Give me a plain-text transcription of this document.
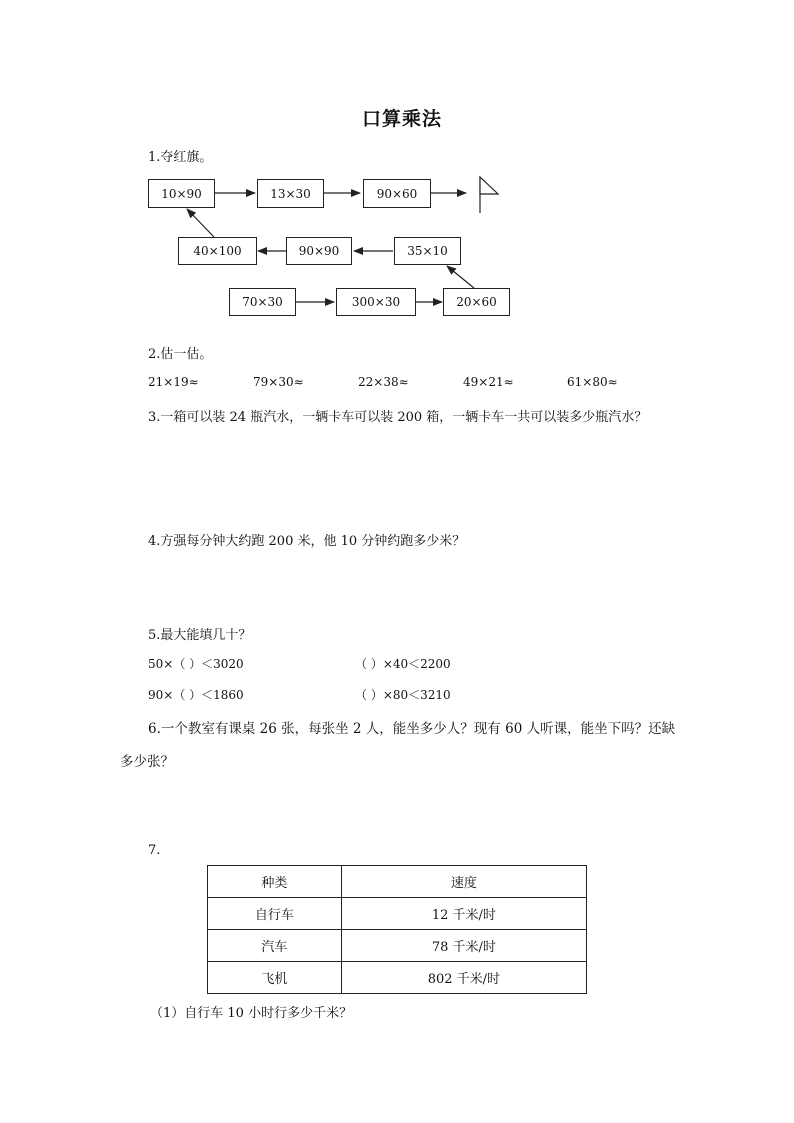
口算乘法
1.夺红旗。
10×90	13×30	90×60
40×100	90×90	35×10
70×30	300×30	20×60
2.估一估。
21×19≈	79×30≈	22×38≈	49×21≈	61×80≈
3.一箱可以装 24 瓶汽水，一辆卡车可以装 200 箱，一辆卡车一共可以装多少瓶汽水？
4.方强每分钟大约跑 200 米，他 10 分钟约跑多少米？
5.最大能填几十？
50×（ ）＜3020	（ ）×40＜2200
90×（ ）＜1860	（ ）×80＜3210
6.一个教室有课桌 26 张，每张坐 2 人，能坐多少人？现有 60 人听课，能坐下吗？还缺
多少张？
7.
种类	速度
自行车	12 千米/时
汽车	78 千米/时
飞机	802 千米/时
（1）自行车 10 小时行多少千米？
